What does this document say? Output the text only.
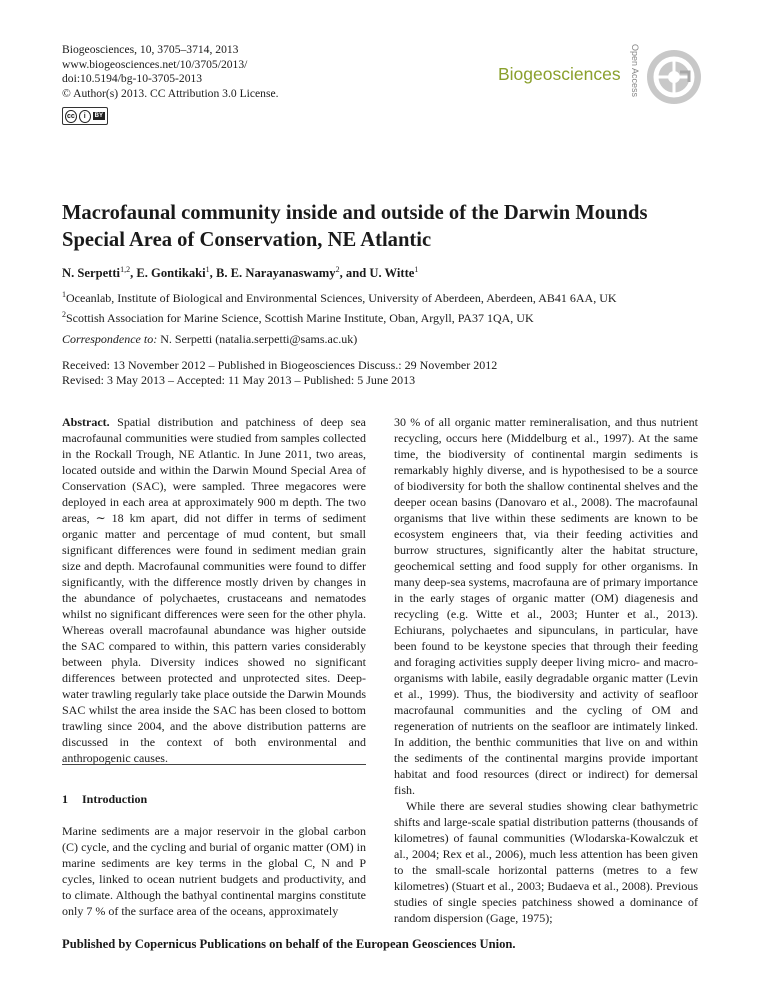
Biogeosciences, 10, 3705–3714, 2013
www.biogeosciences.net/10/3705/2013/
doi:10.5194/bg-10-3705-2013
© Author(s) 2013. CC Attribution 3.0 License.
cc	i	BY
Biogeosciences Open Access
Macrofaunal community inside and outside of the Darwin Mounds Special Area of Conservation, NE Atlantic
N. Serpetti$^{1,2}$, E. Gontikaki$^1$, B. E. Narayanaswamy$^2$, and U. Witte$^1$
$^1$Oceanlab, Institute of Biological and Environmental Sciences, University of Aberdeen, Aberdeen, AB41 6AA, UK
$^2$Scottish Association for Marine Science, Scottish Marine Institute, Oban, Argyll, PA37 1QA, UK
Correspondence to: N. Serpetti (natalia.serpetti@sams.ac.uk)
Received: 13 November 2012 – Published in Biogeosciences Discuss.: 29 November 2012
Revised: 3 May 2013 – Accepted: 11 May 2013 – Published: 5 June 2013

Abstract. Spatial distribution and patchiness of deep sea macrofaunal communities were studied from samples collected in the Rockall Trough, NE Atlantic. In June 2011, two areas, located outside and within the Darwin Mound Special Area of Conservation (SAC), were sampled. Three megacores were deployed in each area at approximately 900 m depth. The two areas, ∼ 18 km apart, did not differ in terms of sediment organic matter and percentage of mud content, but small significant differences were found in sediment median grain size and depth. Macrofaunal communities were found to differ significantly, with the difference mostly driven by changes in the abundance of polychaetes, crustaceans and nematodes whilst no significant differences were seen for the other phyla. Whereas overall macrofaunal abundance was higher outside the SAC compared to within, this pattern varies considerably between phyla. Diversity indices showed no significant differences between protected and unprotected sites. Deep-water trawling regularly take place outside the Darwin Mounds SAC whilst the area inside the SAC has been closed to bottom trawling since 2004, and the above distribution patterns are discussed in the context of both environmental and anthropogenic causes.

1 Introduction

Marine sediments are a major reservoir in the global carbon (C) cycle, and the cycling and burial of organic matter (OM) in marine sediments are key terms in the global C, N and P cycles, linked to ocean nutrient budgets and productivity, and to climate. Although the bathyal continental margins constitute only 7 % of the surface area of the oceans, approximately

30 % of all organic matter remineralisation, and thus nutrient recycling, occurs here (Middelburg et al., 1997). At the same time, the biodiversity of continental margin sediments is remarkably highly diverse, and is hypothesised to be a source of biodiversity for both the shallow continental shelves and the deeper ocean basins (Danovaro et al., 2008). The macrofaunal organisms that live within these sediments are known to be ecosystem engineers that, via their feeding activities and burrow structures, significantly alter the habitat structure, geochemical setting and food supply for other organisms. In many deep-sea systems, macrofauna are of primary importance in the early stages of organic matter (OM) diagenesis and recycling (e.g. Witte et al., 2003; Hunter et al., 2013). Echiurans, polychaetes and sipunculans, in particular, have been found to be keystone species that through their feeding and foraging activities supply deeper living micro- and macro-organisms with labile, easily degradable organic matter (Levin et al., 1999). Thus, the biodiversity and activity of seafloor macrofaunal communities and the cycling of OM and regeneration of nutrients on the seafloor are intimately linked. In addition, the benthic communities that live on and within the sediments of the continental margins provide important habitat and food resources (direct or indirect) for demersal fish.

While there are several studies showing clear bathymetric shifts and large-scale spatial distribution patterns (thousands of kilometres) of faunal communities (Wlodarska-Kowalczuk et al., 2004; Rex et al., 2006), much less attention has been given to the small-scale horizontal patterns (metres to a few kilometres) (Stuart et al., 2003; Budaeva et al., 2008). Previous studies of single species patchiness showed a dominance of random dispersion (Gage, 1975);

Published by Copernicus Publications on behalf of the European Geosciences Union.
